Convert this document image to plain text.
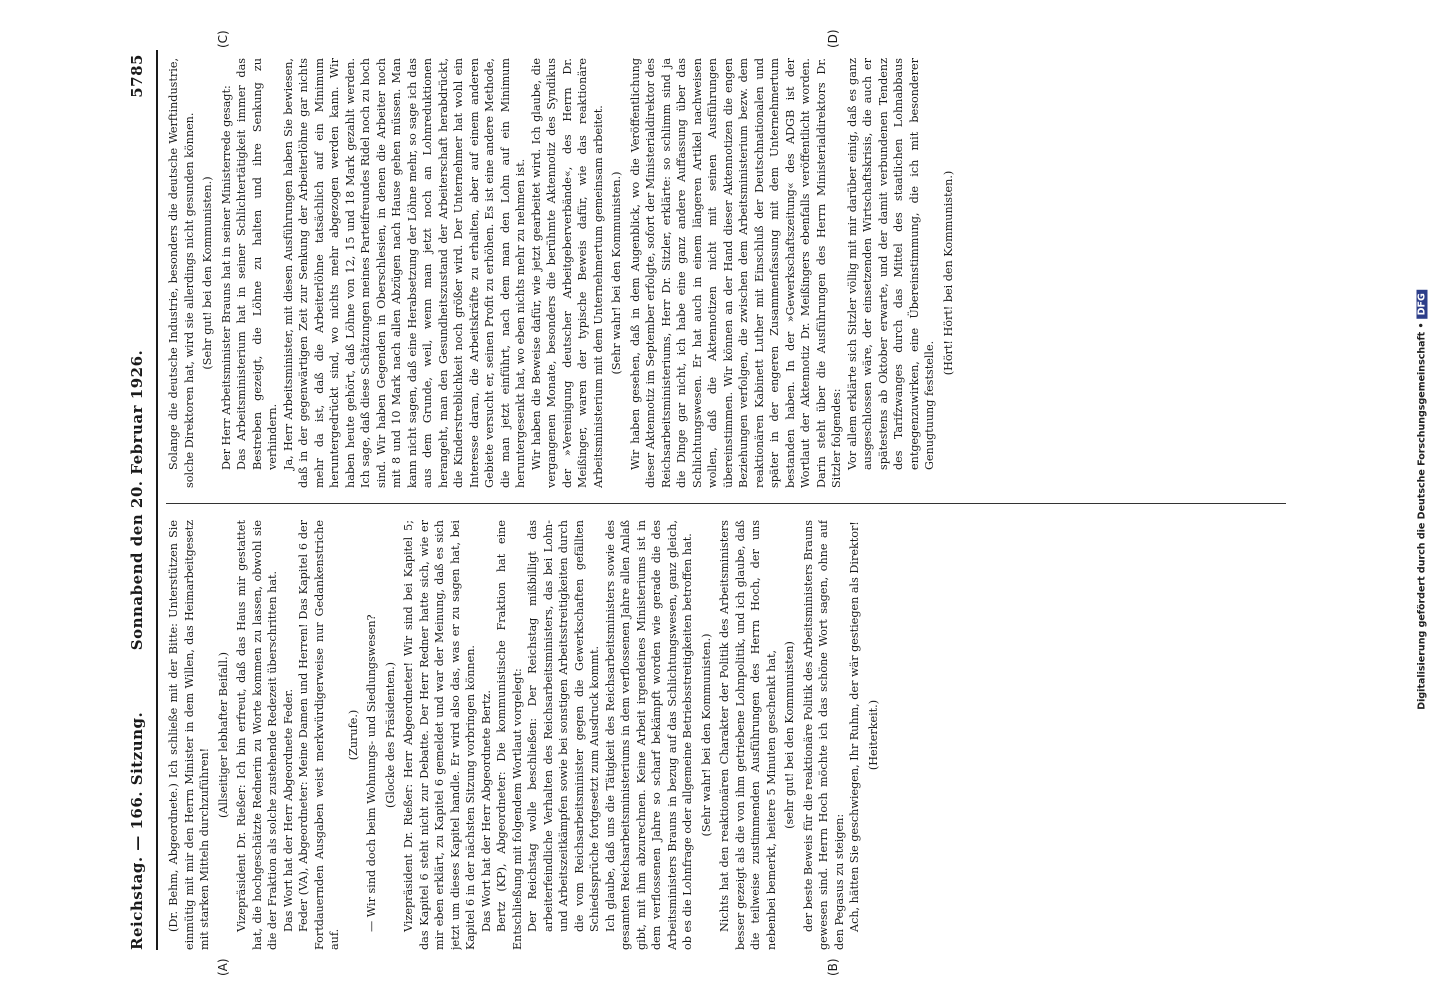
Reichstag. — 166. Sitzung.
Sonnabend den 20. Februar 1926.
5785
(A)	(B)
(C)	(D)

(Dr. Behm, Abgeordnete.) Ich schließe mit der Bitte: Unterstützen Sie einmütig mit mir den Herrn Minister in dem Willen, das Heimarbeitgesetz mit starken Mitteln durchzuführen!

(Allseitiger lebhafter Beifall.) Vizepräsident Dr. Rießer: Ich bin erfreut, daß das Haus mir gestattet hat, die hochgeschätzte Rednerin zu Worte kommen zu lassen, obwohl sie die der Fraktion als solche zustehende Redezeit überschritten hat. Das Wort hat der Herr Abgeordnete Feder. Feder (VA), Abgeordneter: Meine Damen und Herren! Das Kapitel 6 der Fortdauernden Ausgaben weist merkwürdigerweise nur Gedankenstriche auf.

(Zurufe.) — Wir sind doch beim Wohnungs- und Siedlungswesen? (Glocke des Präsidenten.) Vizepräsident Dr. Rießer: Herr Abgeordneter! Wir sind bei Kapitel 5; das Kapitel 6 steht nicht zur Debatte. Der Herr Redner hatte sich, wie er mir eben erklärt, zu Kapitel 6 gemeldet und war der Meinung, daß es sich jetzt um dieses Kapitel handle. Er wird also das, was er zu sagen hat, bei Kapitel 6 in der nächsten Sitzung vorbringen können. Das Wort hat der Herr Abgeordnete Bertz. Bertz (KP), Abgeordneter: Die kommunistische Fraktion hat eine Entschließung mit folgendem Wortlaut vorgelegt: Der Reichstag wolle beschließen: Der Reichstag mißbilligt das arbeiterfeindliche Verhalten des Reichsarbeitsministers, das bei Lohn- und Arbeitszeitkämpfen sowie bei sonstigen Arbeitsstreitigkeiten durch die vom Reichsarbeitsminister gegen die Gewerkschaften gefällten Schiedssprüche fortgesetzt zum Ausdruck kommt. Ich glaube, daß uns die Tätigkeit des Reichsarbeitsministers sowie des gesamten Reichsarbeitsministeriums in dem verflossenen Jahre allen Anlaß gibt, mit ihm abzurechnen. Keine Arbeit irgendeines Ministeriums ist in dem verflossenen Jahre so scharf bekämpft worden wie gerade die des Arbeitsministers Brauns in bezug auf das Schlichtungswesen, ganz gleich, ob es die Lohnfrage oder allgemeine Betriebsstreitigkeiten betroffen hat. (Sehr wahr! bei den Kommunisten.) Nichts hat den reaktionären Charakter der Politik des Arbeitsministers besser gezeigt als die von ihm getriebene Lohnpolitik, und ich glaube, daß die teilweise zustimmenden Ausführungen des Herrn Hoch, der uns nebenbei bemerkt, heitere 5 Minuten geschenkt hat, (sehr gut! bei den Kommunisten) der beste Beweis für die reaktionäre Politik des Arbeitsministers Brauns gewesen sind. Herrn Hoch möchte ich das schöne Wort sagen, ohne auf den Pegasus zu steigen: Ach, hätten Sie geschwiegen, Ihr Ruhm, der wär gestiegen als Direktor! (Heiterkeit.)

Solange die deutsche Industrie, besonders die deutsche Werftindustrie, solche Direktoren hat, wird sie allerdings nicht gesunden können. (Sehr gut! bei den Kommunisten.) Der Herr Arbeitsminister Brauns hat in seiner Ministerrede gesagt: Das Arbeitsministerium hat in seiner Schlichtertätigkeit immer das Bestreben gezeigt, die Löhne zu halten und ihre Senkung zu verhindern. Ja, Herr Arbeitsminister, mit diesen Ausführungen haben Sie bewiesen, daß in der gegenwärtigen Zeit zur Senkung der Arbeiterlöhne gar nichts mehr da ist, daß die Arbeiterlöhne tatsächlich auf ein Minimum heruntergedrückt sind, wo nichts mehr abgezogen werden kann. Wir haben heute gehört, daß Löhne von 12, 15 und 18 Mark gezahlt werden. Ich sage, daß diese Schätzungen meines Parteifreundes Ridel noch zu hoch sind. Wir haben Gegenden in Oberschlesien, in denen die Arbeiter noch mit 8 und 10 Mark nach allen Abzügen nach Hause gehen müssen. Man kann nicht sagen, daß eine Herabsetzung der Löhne mehr, so sage ich das aus dem Grunde, weil, wenn man jetzt noch an Lohnreduktionen herangeht, man den Gesundheitszustand der Arbeiterschaft herabdrückt, die Kinderstreblichkeit noch größer wird. Der Unternehmer hat wohl ein Interesse daran, die Arbeitskräfte zu erhalten, aber auf einem anderen Gebiete versucht er, seinen Profit zu erhöhen. Es ist eine andere Methode, die man jetzt einführt, nach dem man den Lohn auf ein Minimum heruntergesenkt hat, wo eben nichts mehr zu nehmen ist. Wir haben die Beweise dafür, wie jetzt gearbeitet wird. Ich glaube, die vergangenen Monate, besonders die berühmte Aktennotiz des Syndikus der »Vereinigung deutscher Arbeitgeberverbände«, des Herrn Dr. Meißinger, waren der typische Beweis dafür, wie das reaktionäre Arbeitsministerium mit dem Unternehmertum gemeinsam arbeitet. (Sehr wahr! bei den Kommunisten.) Wir haben gesehen, daß in dem Augenblick, wo die Veröffentlichung dieser Aktennotiz im September erfolgte, sofort der Ministerialdirektor des Reichsarbeitsministeriums, Herr Dr. Sitzler, erklärte: so schlimm sind ja die Dinge gar nicht, ich habe eine ganz andere Auffassung über das Schlichtungswesen. Er hat auch in einem längeren Artikel nachweisen wollen, daß die Aktennotizen nicht mit seinen Ausführungen übereinstimmen. Wir können an der Hand dieser Aktennotizen die engen Beziehungen verfolgen, die zwischen dem Arbeitsministerium bezw. dem reaktionären Kabinett Luther mit Einschluß der Deutschnationalen und später in der engeren Zusammenfassung mit dem Unternehmertum bestanden haben. In der »Gewerkschaftszeitung« des ADGB ist der Wortlaut der Aktennotiz Dr. Meißingers ebenfalls veröffentlicht worden. Darin steht über die Ausführungen des Herrn Ministerialdirektors Dr. Sitzler folgendes: Vor allem erklärte sich Sitzler völlig mit mir darüber einig, daß es ganz ausgeschlossen wäre, der einsetzenden Wirtschaftskrisis, die auch er spätestens ab Oktober erwarte, und der damit verbundenen Tendenz des Tarifzwanges durch das Mittel des staatlichen Lohnabbaus entgegenzuwirken, eine Übereinstimmung, die ich mit besonderer Genugtuung feststelle.

(Hört! Hört! bei den Kommunisten.)

Digitalisierung gefördert durch die Deutsche Forschungsgemeinschaft •DFG
